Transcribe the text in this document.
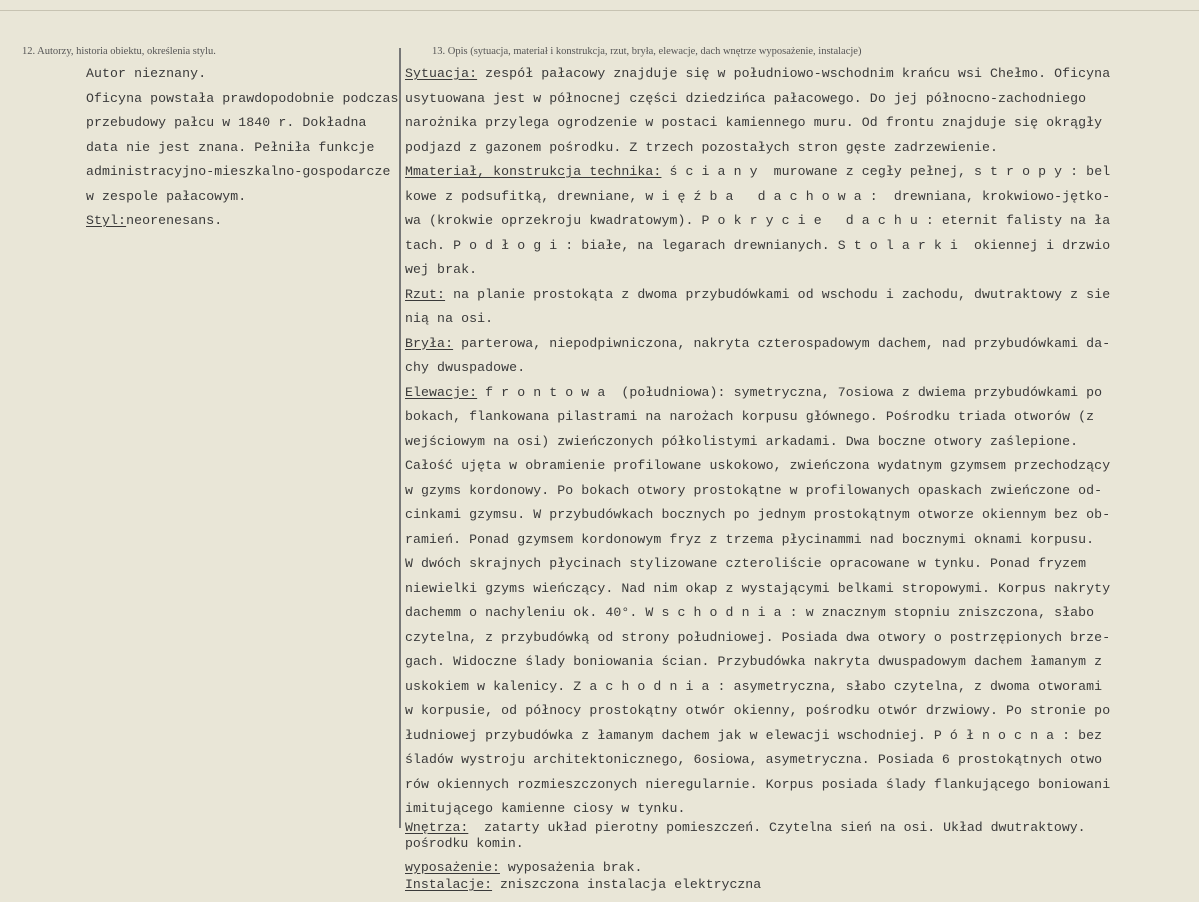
12. Autorzy, historia obiektu, określenia stylu.	13. Opis (sytuacja, materiał i konstrukcja, rzut, bryła, elewacje, dach wnętrze wyposażenie, instalacje)
Autor nieznany.
Oficyna powstała prawdopodobnie podczas
przebudowy pałcu w 1840 r. Dokładna
data nie jest znana. Pełniła funkcje
administracyjno-mieszkalno-gospodarcze
w zespole pałacowym.
Styl:neorenesans.
Sytuacja: zespół pałacowy znajduje się w południowo-wschodnim krańcu wsi Chełmo. Oficyna
usytuowana jest w północnej części dziedzińca pałacowego. Do jej północno-zachodniego
narożnika przylega ogrodzenie w postaci kamiennego muru. Od frontu znajduje się okrągły
podjazd z gazonem pośrodku. Z trzech pozostałych stron gęste zadrzewienie.
Mmateriał, konstrukcja technika: ś c i a n y  murowane z cegły pełnej, s t r o p y : bel
kowe z podsufitką, drewniane, w i ę ź b a   d a c h o w a :  drewniana, krokwiowo-jętko-
wa (krokwie oprzekroju kwadratowym). P o k r y c i e   d a c h u : eternit falisty na ła
tach. P o d ł o g i : białe, na legarach drewnianych. S t o l a r k i  okiennej i drzwio
wej brak.
Rzut: na planie prostokąta z dwoma przybudówkami od wschodu i zachodu, dwutraktowy z sie
nią na osi.
Bryła: parterowa, niepodpiwniczona, nakryta czterospadowym dachem, nad przybudówkami da-
chy dwuspadowe.
Elewacje: f r o n t o w a  (południowa): symetryczna, 7osiowa z dwiema przybudówkami po
bokach, flankowana pilastrami na narożach korpusu głównego. Pośrodku triada otworów (z
wejściowym na osi) zwieńczonych półkolistymi arkadami. Dwa boczne otwory zaślepione.
Całość ujęta w obramienie profilowane uskokowo, zwieńczona wydatnym gzymsem przechodzący
w gzyms kordonowy. Po bokach otwory prostokątne w profilowanych opaskach zwieńczone od-
cinkami gzymsu. W przybudówkach bocznych po jednym prostokątnym otworze okiennym bez ob-
ramień. Ponad gzymsem kordonowym fryz z trzema płycinammi nad bocznymi oknami korpusu.
W dwóch skrajnych płycinach stylizowane czteroliście opracowane w tynku. Ponad fryzem
niewielki gzyms wieńczący. Nad nim okap z wystającymi belkami stropowymi. Korpus nakryty
dachemm o nachyleniu ok. 40°. W s c h o d n i a : w znacznym stopniu zniszczona, słabo
czytelna, z przybudówką od strony południowej. Posiada dwa otwory o postrzępionych brze-
gach. Widoczne ślady boniowania ścian. Przybudówka nakryta dwuspadowym dachem łamanym z
uskokiem w kalenicy. Z a c h o d n i a : asymetryczna, słabo czytelna, z dwoma otworami
w korpusie, od północy prostokątny otwór okienny, pośrodku otwór drzwiowy. Po stronie po
łudniowej przybudówka z łamanym dachem jak w elewacji wschodniej. P ó ł n o c n a : bez
śladów wystroju architektonicznego, 6osiowa, asymetryczna. Posiada 6 prostokątnych otwo
rów okiennych rozmieszczonych nieregularnie. Korpus posiada ślady flankującego boniowani
imitującego kamienne ciosy w tynku.
Wnętrza:  zatarty układ pierotny pomieszczeń. Czytelna sień na osi. Układ dwutraktowy.
pośrodku komin.
wyposażenie: wyposażenia brak.
Instalacje: zniszczona instalacja elektryczna
